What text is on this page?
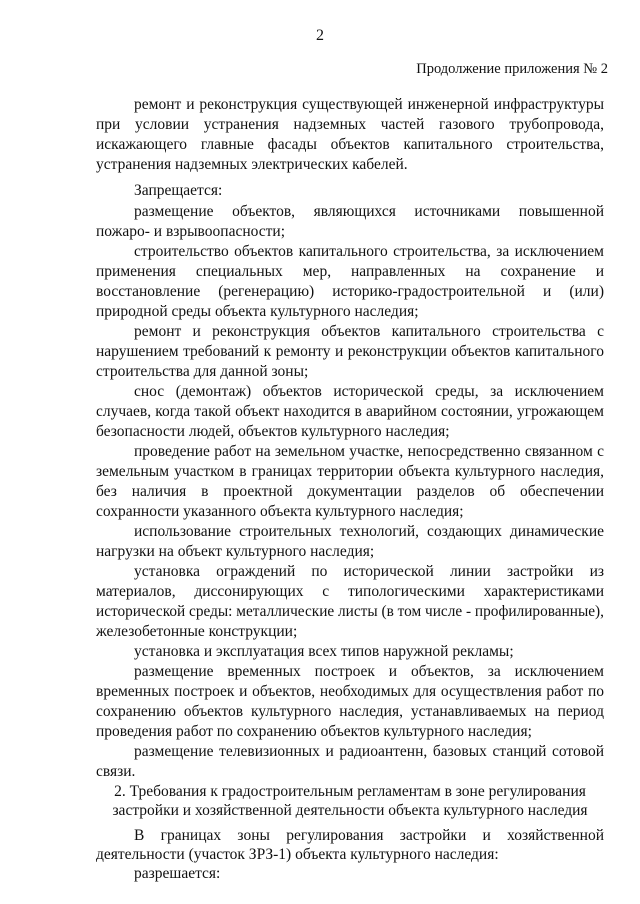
2
Продолжение приложения № 2
ремонт и реконструкция существующей инженерной инфраструктуры
при условии устранения надземных частей газового трубопровода,
искажающего главные фасады объектов капитального строительства,
устранения надземных электрических кабелей.
Запрещается:
размещение объектов, являющихся источниками повышенной
пожаро- и взрывоопасности;
строительство объектов капитального строительства, за исключением
применения специальных мер, направленных на сохранение и
восстановление (регенерацию) историко-градостроительной и (или)
природной среды объекта культурного наследия;
ремонт и реконструкция объектов капитального строительства с
нарушением требований к ремонту и реконструкции объектов капитального
строительства для данной зоны;
снос (демонтаж) объектов исторической среды, за исключением
случаев, когда такой объект находится в аварийном состоянии, угрожающем
безопасности людей, объектов культурного наследия;
проведение работ на земельном участке, непосредственно связанном с
земельным участком в границах территории объекта культурного наследия,
без наличия в проектной документации разделов об обеспечении
сохранности указанного объекта культурного наследия;
использование строительных технологий, создающих динамические
нагрузки на объект культурного наследия;
установка ограждений по исторической линии застройки из
материалов, диссонирующих с типологическими характеристиками
исторической среды: металлические листы (в том числе - профилированные),
железобетонные конструкции;
установка и эксплуатация всех типов наружной рекламы;
размещение временных построек и объектов, за исключением
временных построек и объектов, необходимых для осуществления работ по
сохранению объектов культурного наследия, устанавливаемых на период
проведения работ по сохранению объектов культурного наследия;
размещение телевизионных и радиоантенн, базовых станций сотовой
связи.
2. Требования к градостроительным регламентам в зоне регулирования
застройки и хозяйственной деятельности объекта культурного наследия
В границах зоны регулирования застройки и хозяйственной
деятельности (участок ЗРЗ-1) объекта культурного наследия:
разрешается:
